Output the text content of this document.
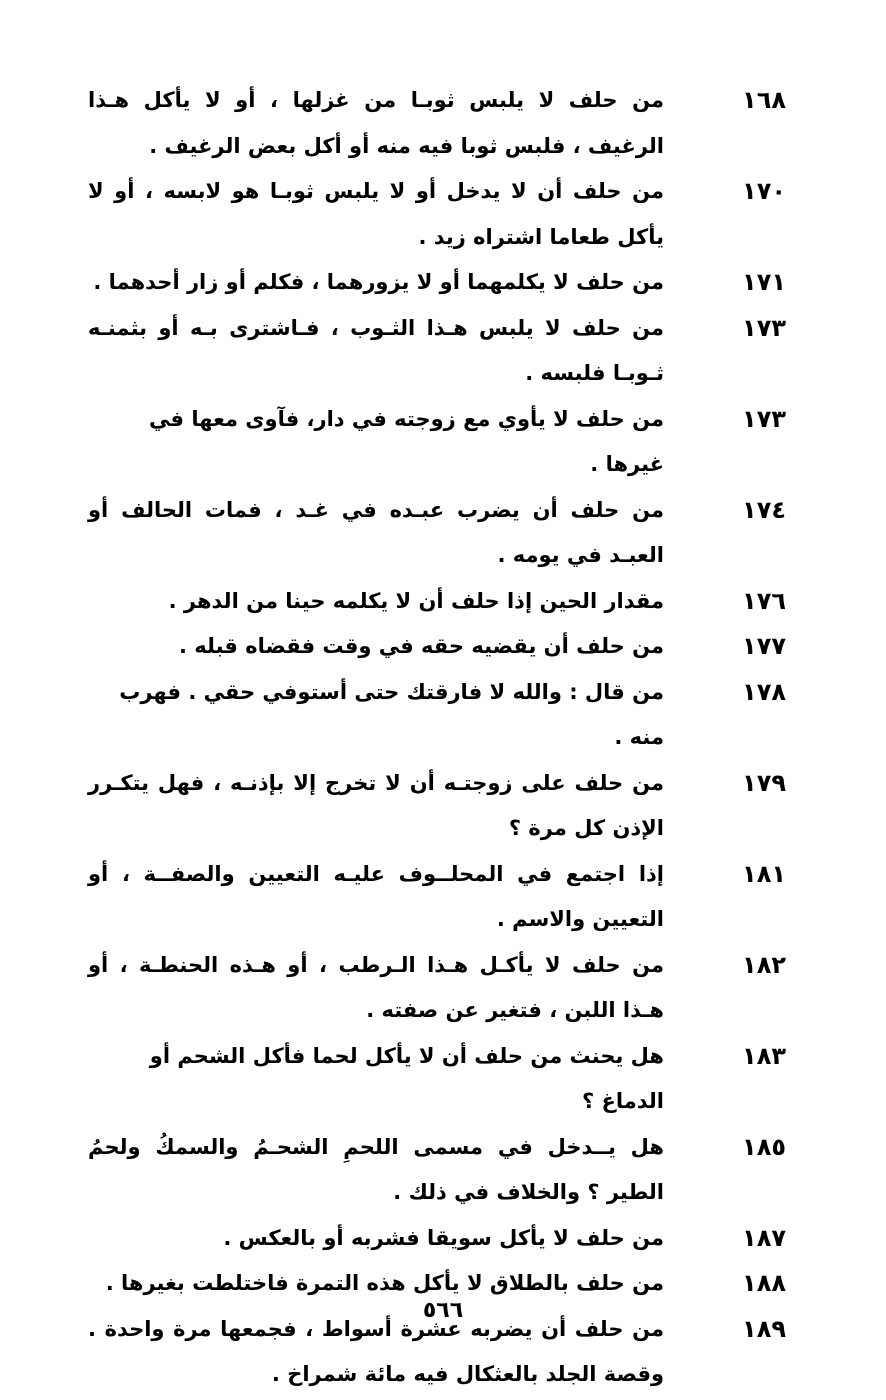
١٦٨
من حلف لا يلبس ثوبـا من غزلها ، أو لا يأكل هـذا الرغيف ، فلبس ثوبا فيه منه أو أكل بعض الرغيف .
١٧٠
من حلف أن لا يدخل أو لا يلبس ثوبـا هو لابسه ، أو لا يأكل طعاما اشتراه زيد .
١٧١
من حلف لا يكلمهما أو لا يزورهما ، فكلم أو زار أحدهما .
١٧٣
من حلف لا يلبس هـذا الثـوب ، فـاشترى بـه أو بثمنـه ثـوبـا فلبسه .
١٧٣
من حلف لا يأوي مع زوجته في دار، فآوى معها في غيرها .
١٧٤
من حلف أن يضرب عبـده في غـد ، فمات الحالف أو العبـد في يومه .
١٧٦
مقدار الحين إذا حلف أن لا يكلمه حينا من الدهر .
١٧٧
من حلف أن يقضيه حقه في وقت فقضاه قبله .
١٧٨
من قال : والله لا فارقتك حتى أستوفي حقي . فهرب منه .
١٧٩
من حلف على زوجتـه أن لا تخرج إلا بإذنـه ، فهل يتكـرر الإذن كل مرة ؟
١٨١
إذا اجتمع في المحلــوف عليـه التعيين والصفــة ، أو التعيين والاسم .
١٨٢
من حلف لا يأكـل هـذا الـرطب ، أو هـذه الحنطـة ، أو هـذا اللبن ، فتغير عن صفته .
١٨٣
هل يحنث من حلف أن لا يأكل لحما فأكل الشحم أو الدماغ ؟
١٨٥
هل يــدخل في مسمى اللحمِ الشحـمُ والسمكُ ولحمُ الطير ؟ والخلاف في ذلك .
١٨٧
من حلف لا يأكل سويقا فشربه أو بالعكس .
١٨٨
من حلف بالطلاق لا يأكل هذه التمرة فاختلطت بغيرها .
١٨٩
من حلف أن يضربه عشرة أسواط ، فجمعها مرة واحدة . وقصة الجلد بالعثكال فيه مائة شمراخ .
٥٦٦
